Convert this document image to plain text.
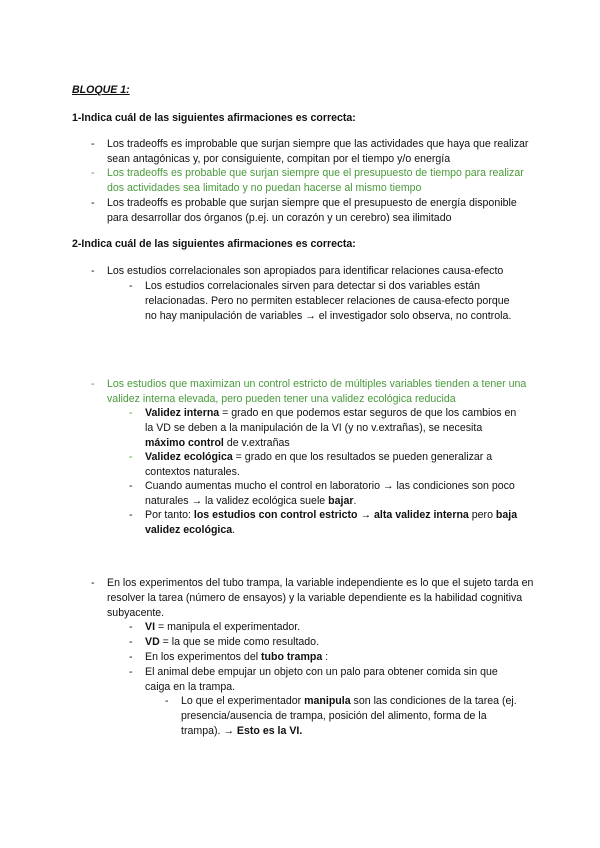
BLOQUE 1:
1-Indica cuál de las siguientes afirmaciones es correcta:
- Los tradeoffs es improbable que surjan siempre que las actividades que haya que realizar sean antagónicas y, por consiguiente, compitan por el tiempo y/o energía
- Los tradeoffs es probable que surjan siempre que el presupuesto de tiempo para realizar dos actividades sea limitado y no puedan hacerse al mismo tiempo
- Los tradeoffs es probable que surjan siempre que el presupuesto de energía disponible para desarrollar dos órganos (p.ej. un corazón y un cerebro) sea ilimitado
2-Indica cuál de las siguientes afirmaciones es correcta:
- Los estudios correlacionales son apropiados para identificar relaciones causa-efecto
- Los estudios correlacionales sirven para detectar si dos variables están relacionadas. Pero no permiten establecer relaciones de causa-efecto porque no hay manipulación de variables → el investigador solo observa, no controla.
- Los estudios que maximizan un control estricto de múltiples variables tienden a tener una validez interna elevada, pero pueden tener una validez ecológica reducida
- Validez interna = grado en que podemos estar seguros de que los cambios en la VD se deben a la manipulación de la VI (y no v.extrañas), se necesita máximo control de v.extrañas
- Validez ecológica = grado en que los resultados se pueden generalizar a contextos naturales.
- Cuando aumentas mucho el control en laboratorio → las condiciones son poco naturales → la validez ecológica suele bajar.
- Por tanto: los estudios con control estricto → alta validez interna pero baja validez ecológica.
- En los experimentos del tubo trampa, la variable independiente es lo que el sujeto tarda en resolver la tarea (número de ensayos) y la variable dependiente es la habilidad cognitiva subyacente.
- VI = manipula el experimentador.
- VD = la que se mide como resultado.
- En los experimentos del tubo trampa :
- El animal debe empujar un objeto con un palo para obtener comida sin que caiga en la trampa.
- Lo que el experimentador manipula son las condiciones de la tarea (ej. presencia/ausencia de trampa, posición del alimento, forma de la trampa). → Esto es la VI.
